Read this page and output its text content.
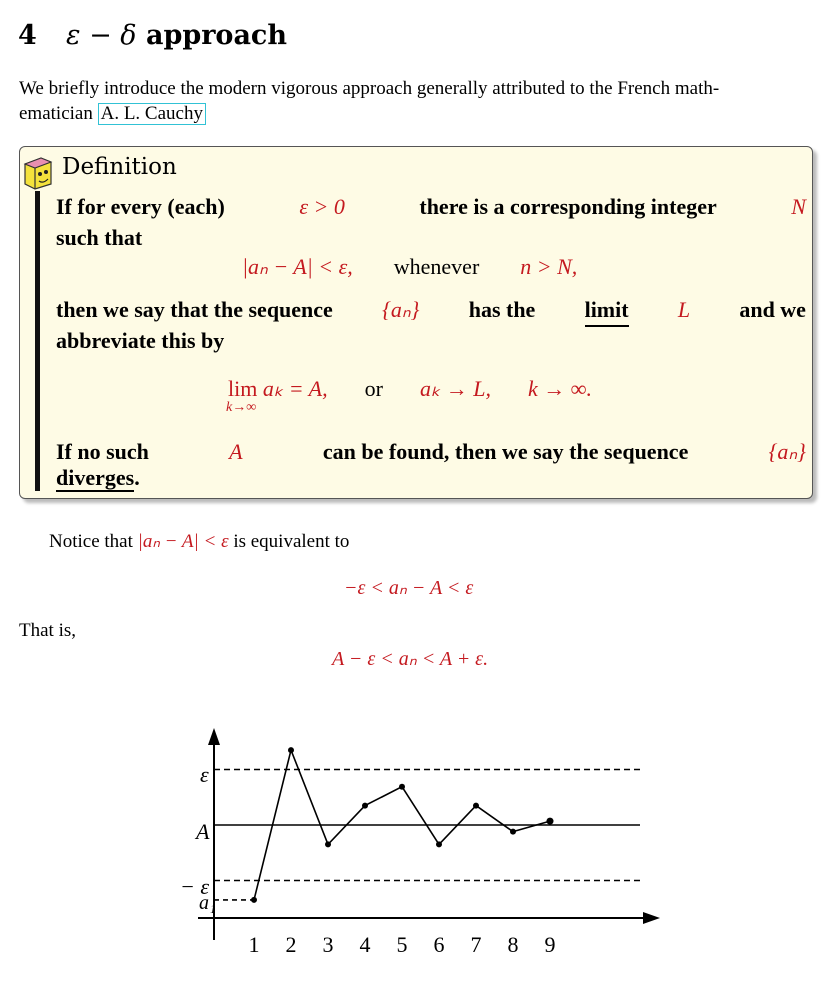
4 ε − δ approach
We briefly introduce the modern vigorous approach generally attributed to the French math-
ematician A. L. Cauchy
Definition
If for every (each)	ε > 0	there is a corresponding integer	N
such that
|aₙ − A| < ε, whenever n > N,
then we say that the sequence {aₙ} has the limit L and we
abbreviate this by
lim
k→∞
aₖ = A, or aₖ → L, k → ∞.
If no such	A	can be found, then we say the sequence	{aₙ}
diverges.
Notice that |aₙ − A| < ε is equivalent to
−ε < aₙ − A < ε
That is,
A − ε < aₙ < A + ε.
ε
A
− ε
a₁
1 2 3 4 5 6 7 8 9
